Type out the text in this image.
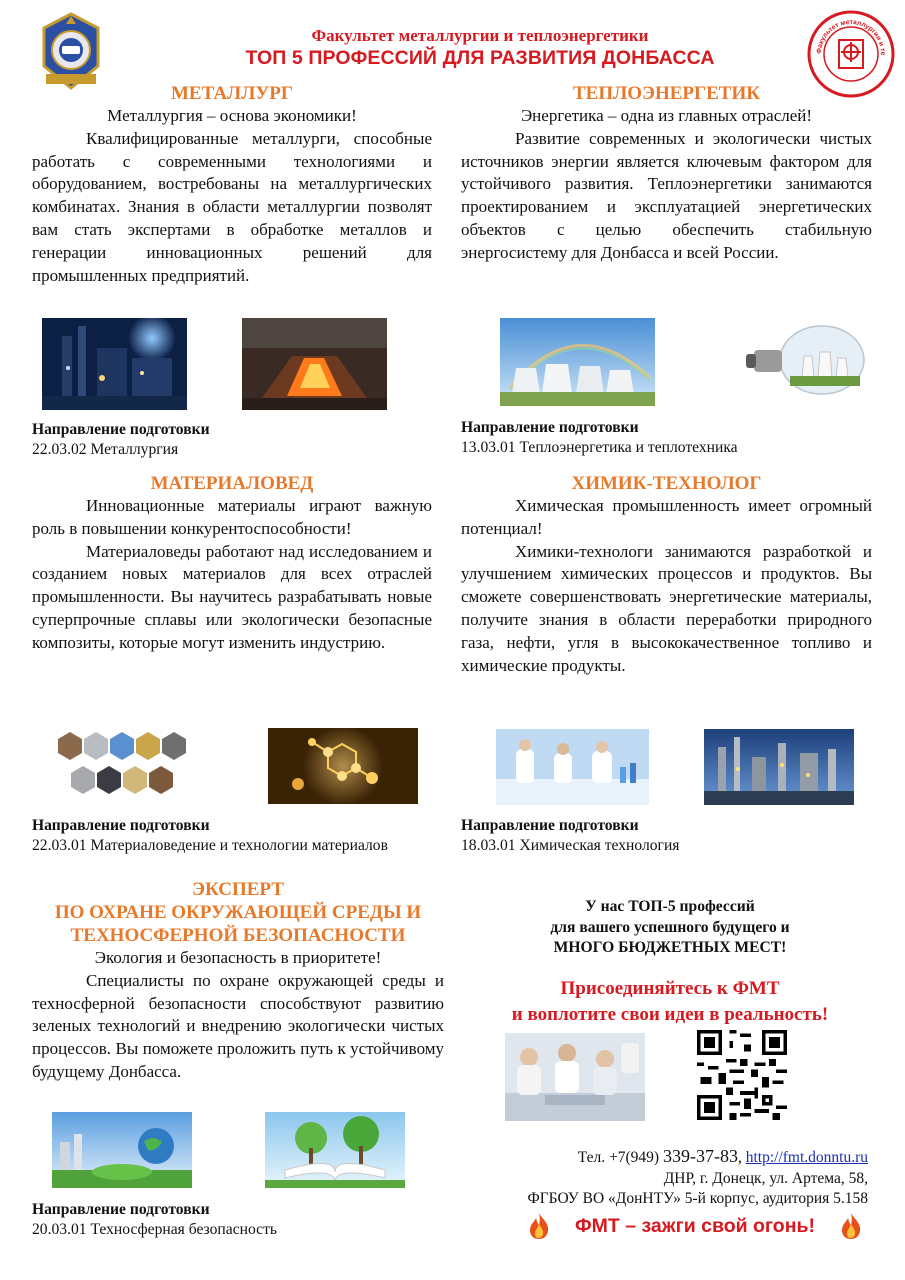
Факультет металлургии и теплоэнергетики
ТОП 5 ПРОФЕССИЙ ДЛЯ РАЗВИТИЯ ДОНБАССА	Факультет металлургии и те
МЕТАЛЛУРГ

Металлургия – основа экономики!

Квалифицированные металлурги, способные работать с современными технологиями и оборудованием, востребованы на металлургических комбинатах. Знания в области металлургии позволят вам стать экспертами в обработке металлов и генерации инновационных решений для промышленных предприятий.

Направление подготовки
22.03.02 Металлургия
ТЕПЛОЭНЕРГЕТИК

Энергетика – одна из главных отраслей!

Развитие современных и экологически чистых источников энергии является ключевым фактором для устойчивого развития. Теплоэнергетики занимаются проектированием и эксплуатацией энергетических объектов с целью обеспечить стабильную энергосистему для Донбасса и всей России.

Направление подготовки
13.03.01 Теплоэнергетика и теплотехника
МАТЕРИАЛОВЕД

Инновационные материалы играют важную роль в повышении конкурентоспособности!

Материаловеды работают над исследованием и созданием новых материалов для всех отраслей промышленности. Вы научитесь разрабатывать новые суперпрочные сплавы или экологически безопасные композиты, которые могут изменить индустрию.

Направление подготовки
22.03.01 Материаловедение и технологии материалов
ХИМИК-ТЕХНОЛОГ

Химическая промышленность имеет огромный потенциал!

Химики-технологи занимаются разработкой и улучшением химических процессов и продуктов. Вы сможете совершенствовать энергетические материалы, получите знания в области переработки природного газа, нефти, угля в высококачественное топливо и химические продукты.

Направление подготовки
18.03.01 Химическая технология
ЭКСПЕРТ
ПО ОХРАНЕ ОКРУЖАЮЩЕЙ СРЕДЫ И
ТЕХНОСФЕРНОЙ БЕЗОПАСНОСТИ

Экология и безопасность в приоритете!

Специалисты по охране окружающей среды и техносферной безопасности способствуют развитию зеленых технологий и внедрению экологически чистых процессов. Вы поможете проложить путь к устойчивому будущему Донбасса.

Направление подготовки
20.03.01 Техносферная безопасность
У нас ТОП-5 профессий
для вашего успешного будущего и
МНОГО БЮДЖЕТНЫХ МЕСТ!
Присоединяйтесь к ФМТ
и воплотите свои идеи в реальность!
Тел. +7(949) 339-37-83, http://fmt.donntu.ru
ДНР, г. Донецк, ул. Артема, 58,
ФГБОУ ВО «ДонНТУ» 5-й корпус, аудитория 5.158
ФМТ – зажги свой огонь!
